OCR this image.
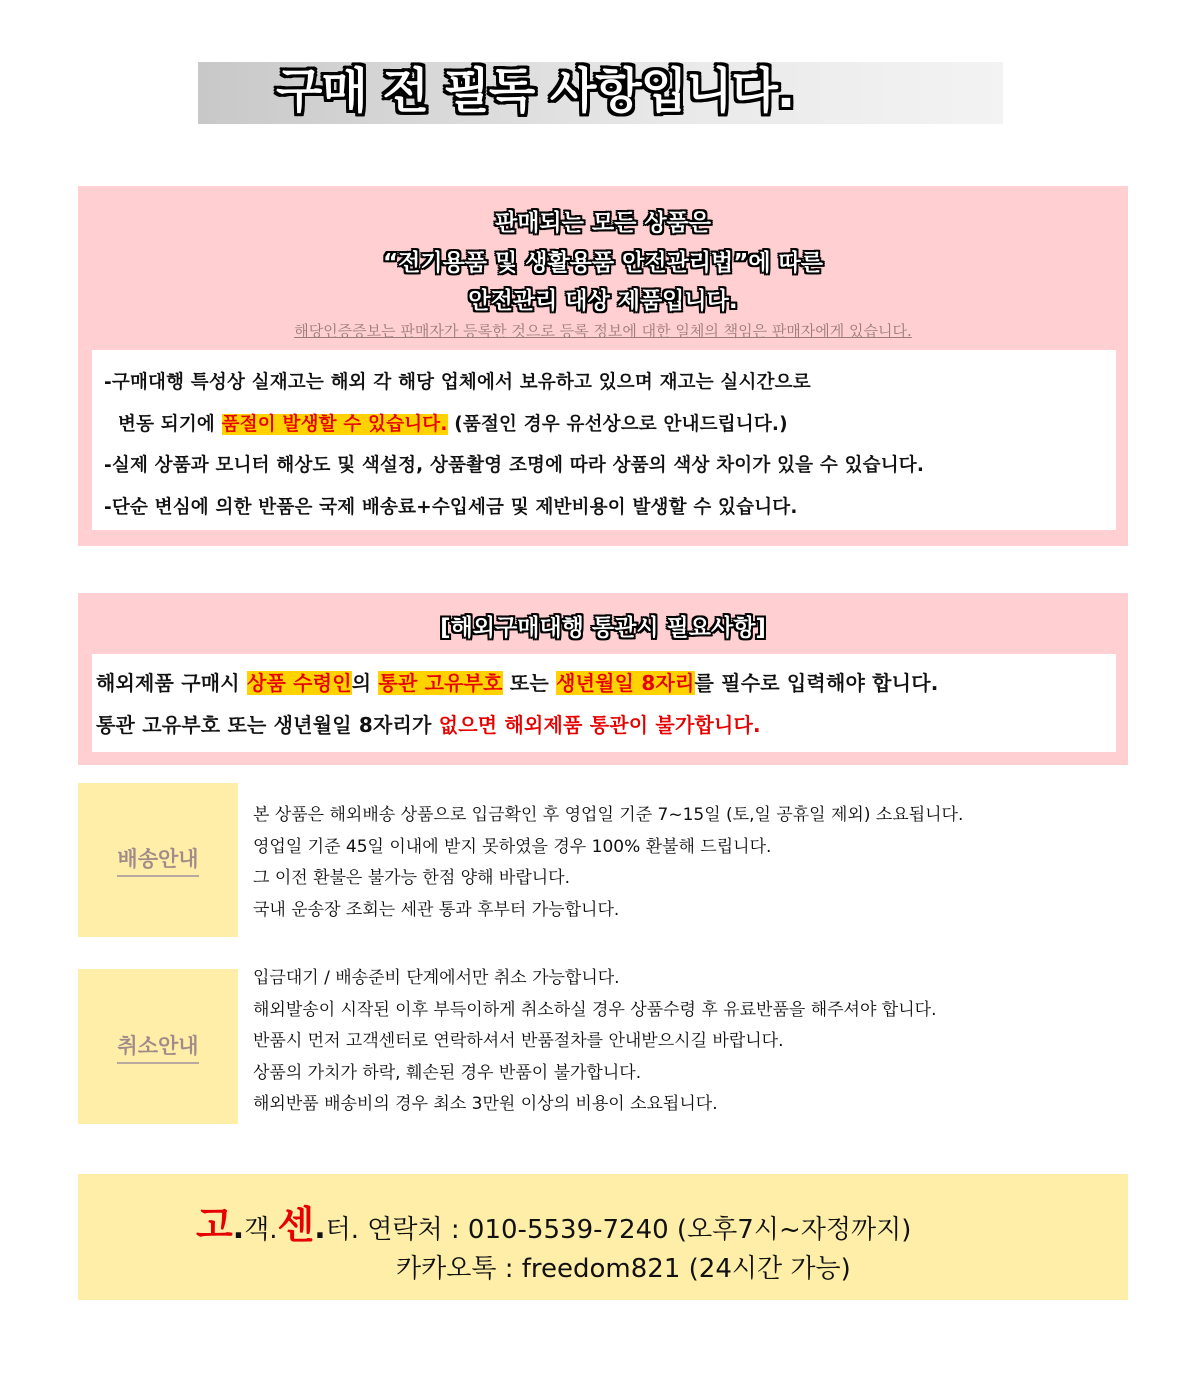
구매 전 필독 사항입니다.
판매되는 모든 상품은
“전기용품 및 생활용품 안전관리법”에 따른
안전관리 대상 제품입니다.
해당인증증보는 판매자가 등록한 것으로 등록 정보에 대한 일체의 책임은 판매자에게 있습니다.
-구매대행 특성상 실재고는 해외 각 해당 업체에서 보유하고 있으며 재고는 실시간으로
변동 되기에 품절이 발생할 수 있습니다. (품절인 경우 유선상으로 안내드립니다.)
-실제 상품과 모니터 해상도 및 색설정, 상품촬영 조명에 따라 상품의 색상 차이가 있을 수 있습니다.
-단순 변심에 의한 반품은 국제 배송료+수입세금 및 제반비용이 발생할 수 있습니다.
[해외구매대행 통관시 필요사항]
해외제품 구매시 상품 수령인의 통관 고유부호 또는 생년월일 8자리를 필수로 입력해야 합니다.
통관 고유부호 또는 생년월일 8자리가 없으면 해외제품 통관이 불가합니다.
배송안내
본 상품은 해외배송 상품으로 입금확인 후 영업일 기준 7~15일 (토,일 공휴일 제외) 소요됩니다.
영업일 기준 45일 이내에 받지 못하였을 경우 100% 환불해 드립니다.
그 이전 환불은 불가능 한점 양해 바랍니다.
국내 운송장 조회는 세관 통과 후부터 가능합니다.
취소안내
입금대기 / 배송준비 단계에서만 취소 가능합니다.
해외발송이 시작된 이후 부득이하게 취소하실 경우 상품수령 후 유료반품을 해주셔야 합니다.
반품시 먼저 고객센터로 연락하셔서 반품절차를 안내받으시길 바랍니다.
상품의 가치가 하락, 훼손된 경우 반품이 불가합니다.
해외반품 배송비의 경우 최소 3만원 이상의 비용이 소요됩니다.
고.객.센.터. 연락처 : 010-5539-7240 (오후7시~자정까지)
카카오톡 : freedom821 (24시간 가능)
